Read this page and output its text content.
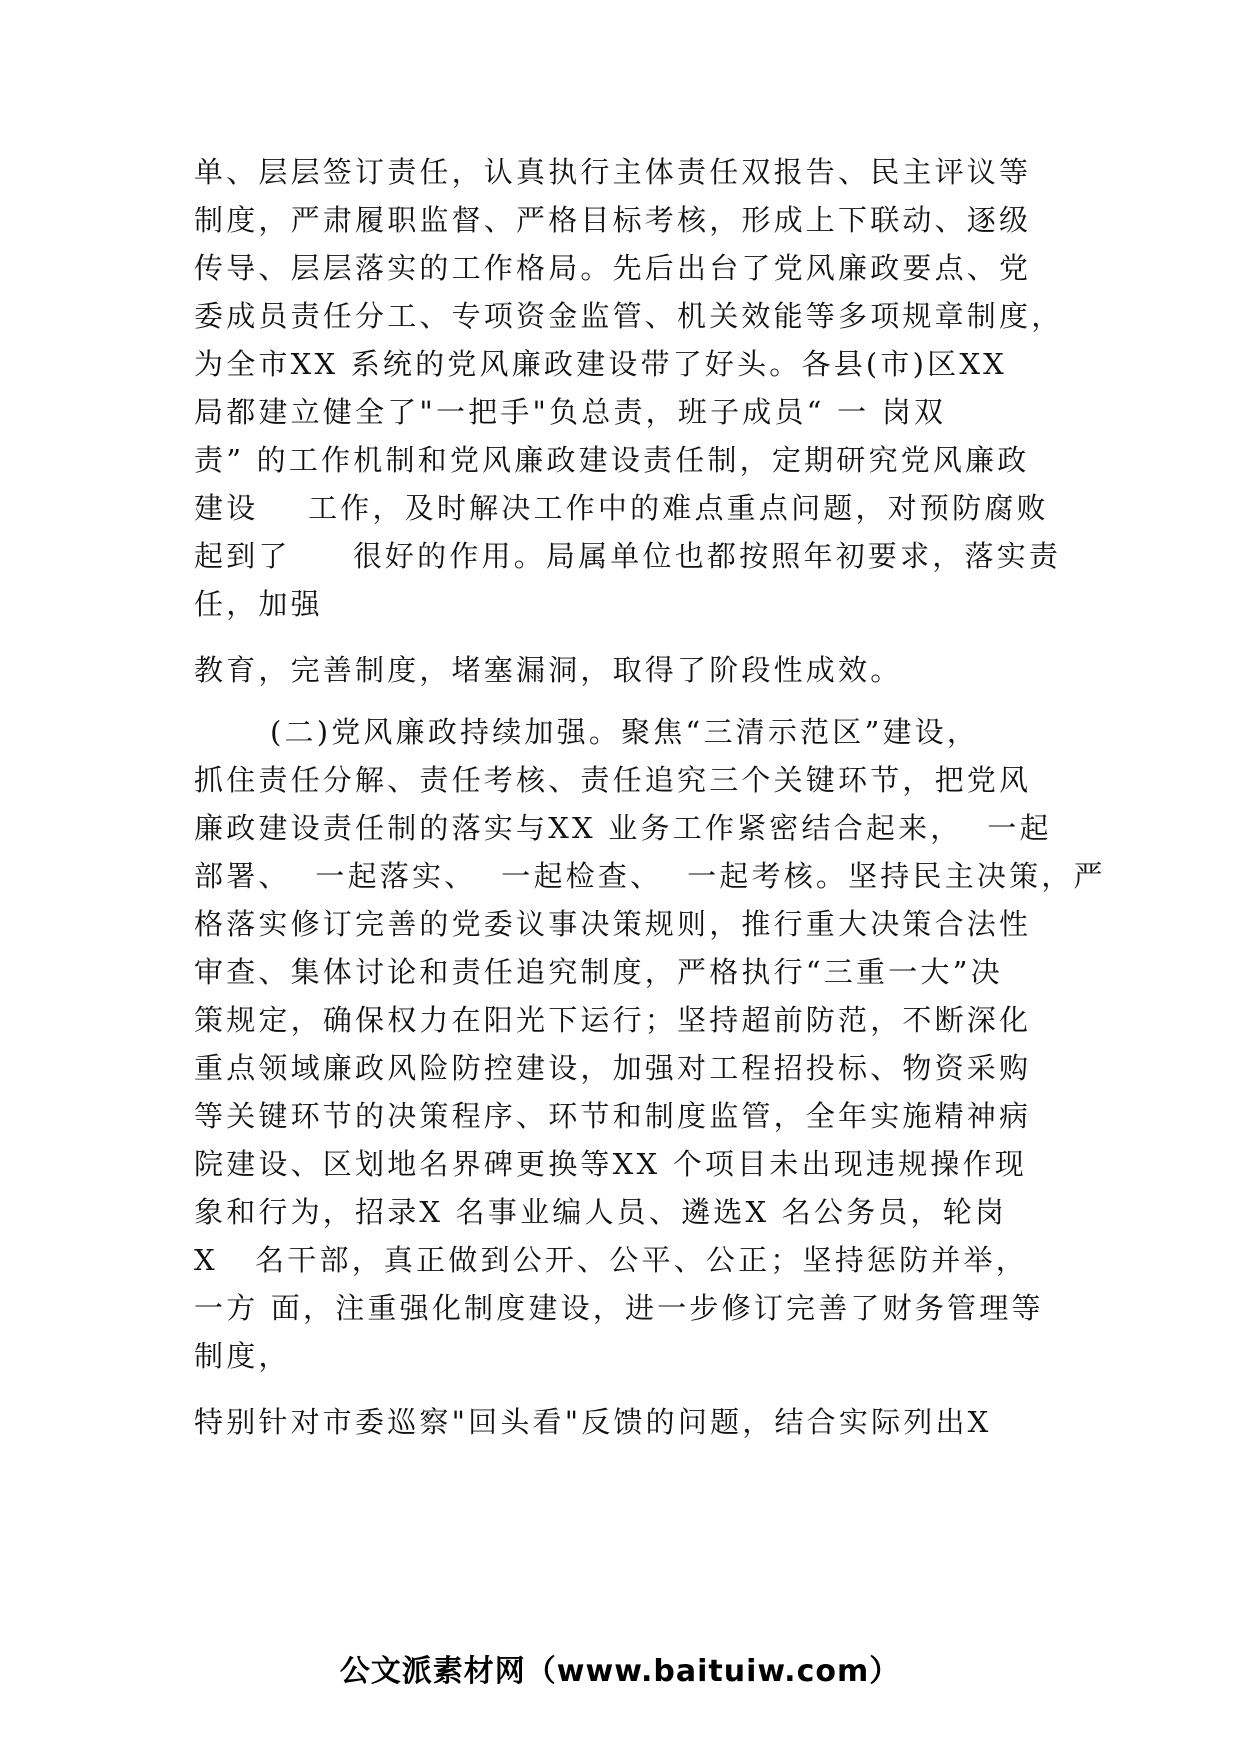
单、层层签订责任，认真执行主体责任双报告、民主评议等
制度，严肃履职监督、严格目标考核，形成上下联动、逐级
传导、层层落实的工作格局。先后出台了党风廉政要点、党
委成员责任分工、专项资金监管、机关效能等多项规章制度，
为全市XX 系统的党风廉政建设带了好头。各县(市)区XX
局都建立健全了"一把手"负总责，班子成员“ 一 岗双
责” 的工作机制和党风廉政建设责任制，定期研究党风廉政
建设    工作，及时解决工作中的难点重点问题，对预防腐败
起到了     很好的作用。局属单位也都按照年初要求，落实责
任，加强
教育，完善制度，堵塞漏洞，取得了阶段性成效。
(二)党风廉政持续加强。聚焦“三清示范区”建设，
抓住责任分解、责任考核、责任追究三个关键环节，把党风
廉政建设责任制的落实与XX 业务工作紧密结合起来，  一起
部署、  一起落实、  一起检查、  一起考核。坚持民主决策，严
格落实修订完善的党委议事决策规则，推行重大决策合法性
审查、集体讨论和责任追究制度，严格执行“三重一大”决
策规定，确保权力在阳光下运行；坚持超前防范，不断深化
重点领域廉政风险防控建设，加强对工程招投标、物资采购
等关键环节的决策程序、环节和制度监管，全年实施精神病
院建设、区划地名界碑更换等XX 个项目未出现违规操作现
象和行为，招录X 名事业编人员、遴选X 名公务员，轮岗
X   名干部，真正做到公开、公平、公正；坚持惩防并举，
一方 面，注重强化制度建设，进一步修订完善了财务管理等
制度，
特别针对市委巡察"回头看"反馈的问题，结合实际列出X
公文派素材网（www.baituiw.com）
